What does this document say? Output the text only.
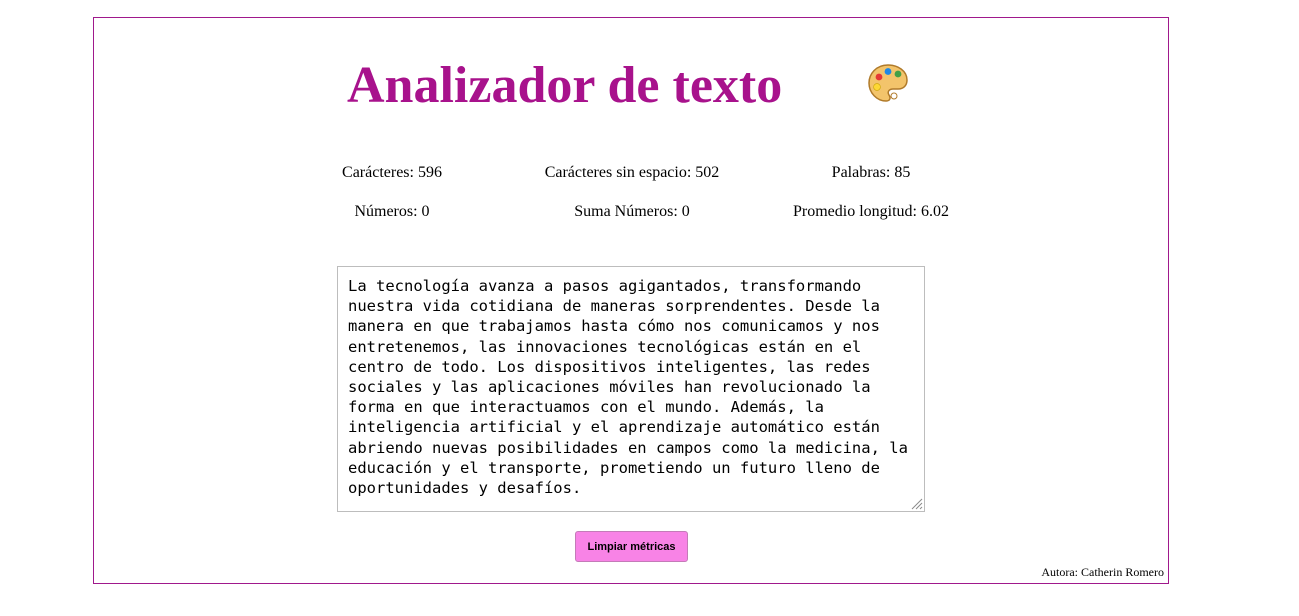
Analizador de texto
Carácteres: 596	Carácteres sin espacio: 502	Palabras: 85
Números: 0	Suma Números: 0	Promedio longitud: 6.02
La tecnología avanza a pasos agigantados, transformando nuestra vida cotidiana de maneras sorprendentes. Desde la manera en que trabajamos hasta cómo nos comunicamos y nos entretenemos, las innovaciones tecnológicas están en el centro de todo. Los dispositivos inteligentes, las redes sociales y las aplicaciones móviles han revolucionado la forma en que interactuamos con el mundo. Además, la inteligencia artificial y el aprendizaje automático están abriendo nuevas posibilidades en campos como la medicina, la educación y el transporte, prometiendo un futuro lleno de oportunidades y desafíos.
Limpiar métricas
Autora: Catherin Romero
